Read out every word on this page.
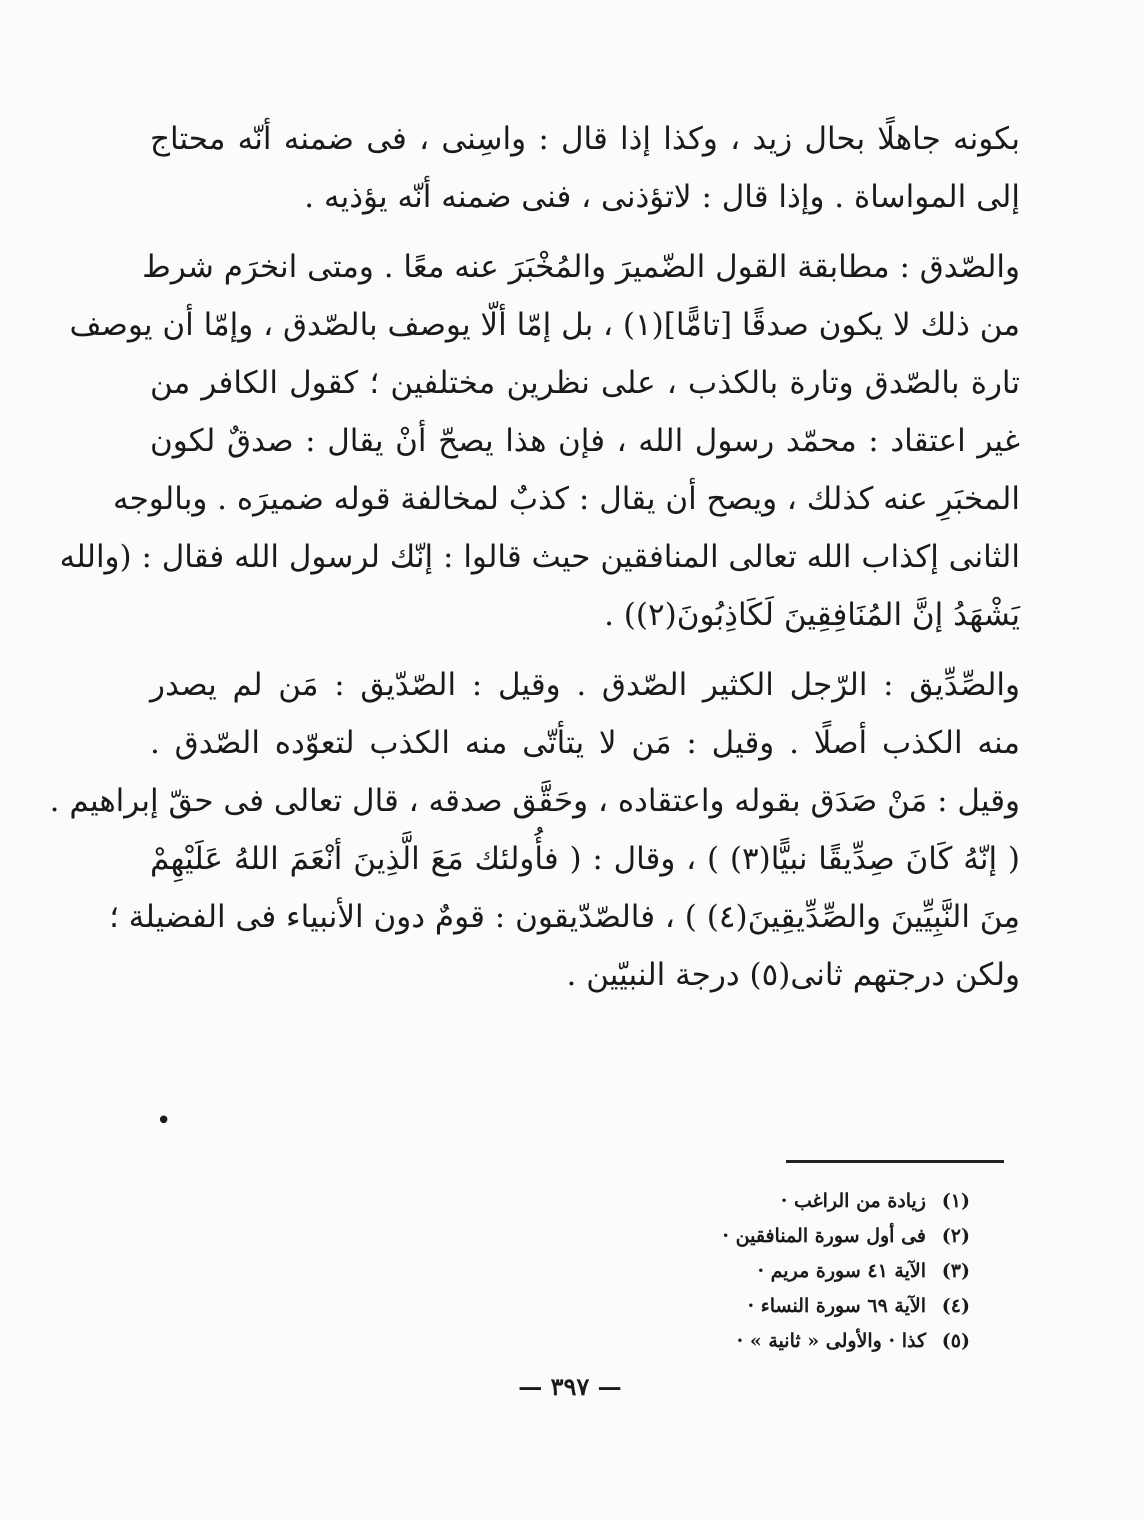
بكونه جاهلًا بحال زيد ، وكذا إذا قال : واسِنى ، فى ضمنه أنّه محتاج
إلى المواساة . وإذا قال : لاتؤذنى ، فنى ضمنه أنّه يؤذيه .

والصّدق : مطابقة القول الضّميرَ والمُخْبَرَ عنه معًا . ومتى انخرَم شرط
من ذلك لا يكون صدقًا [تامًّا](١) ، بل إمّا ألّا يوصف بالصّدق ، وإمّا أن يوصف
تارة بالصّدق وتارة بالكذب ، على نظرين مختلفين ؛ كقول الكافر من
غير اعتقاد : محمّد رسول الله ، فإن هذا يصحّ أنْ يقال : صدقٌ لكون
المخبَرِ عنه كذلك ، ويصح أن يقال : كذبٌ لمخالفة قوله ضميرَه . وبالوجه
الثانى إكذاب الله تعالى المنافقين حيث قالوا : إنّك لرسول الله فقال : (والله
يَشْهَدُ إنَّ المُنَافِقِينَ لَكَاذِبُونَ(٢)) .

والصِّدِّيق : الرّجل الكثير الصّدق . وقيل : الصّدّيق : مَن لم يصدر
منه الكذب أصلًا . وقيل : مَن لا يتأتّى منه الكذب لتعوّده الصّدق .
وقيل : مَنْ صَدَق بقوله واعتقاده ، وحَقَّق صدقه ، قال تعالى فى حقّ إبراهيم .
( إنّهُ كَانَ صِدِّيقًا نبيًّا(٣) ) ، وقال : ( فأُولئك مَعَ الَّذِينَ أنْعَمَ اللهُ عَلَيْهِمْ
مِنَ النَّبِيِّينَ والصِّدِّيقِينَ(٤) ) ، فالصّدّيقون : قومٌ دون الأنبياء فى الفضيلة ؛
ولكن درجتهم ثانى(٥) درجة النبيّين .

•
(١)
زيادة من الراغب ·
(٢)
فى أول سورة المنافقين ·
(٣)
الآية ٤١ سورة مريم ·
(٤)
الآية ٦٩ سورة النساء ·
(٥)
كذا · والأولى « ثانية » ·
— ٣٩٧ —
